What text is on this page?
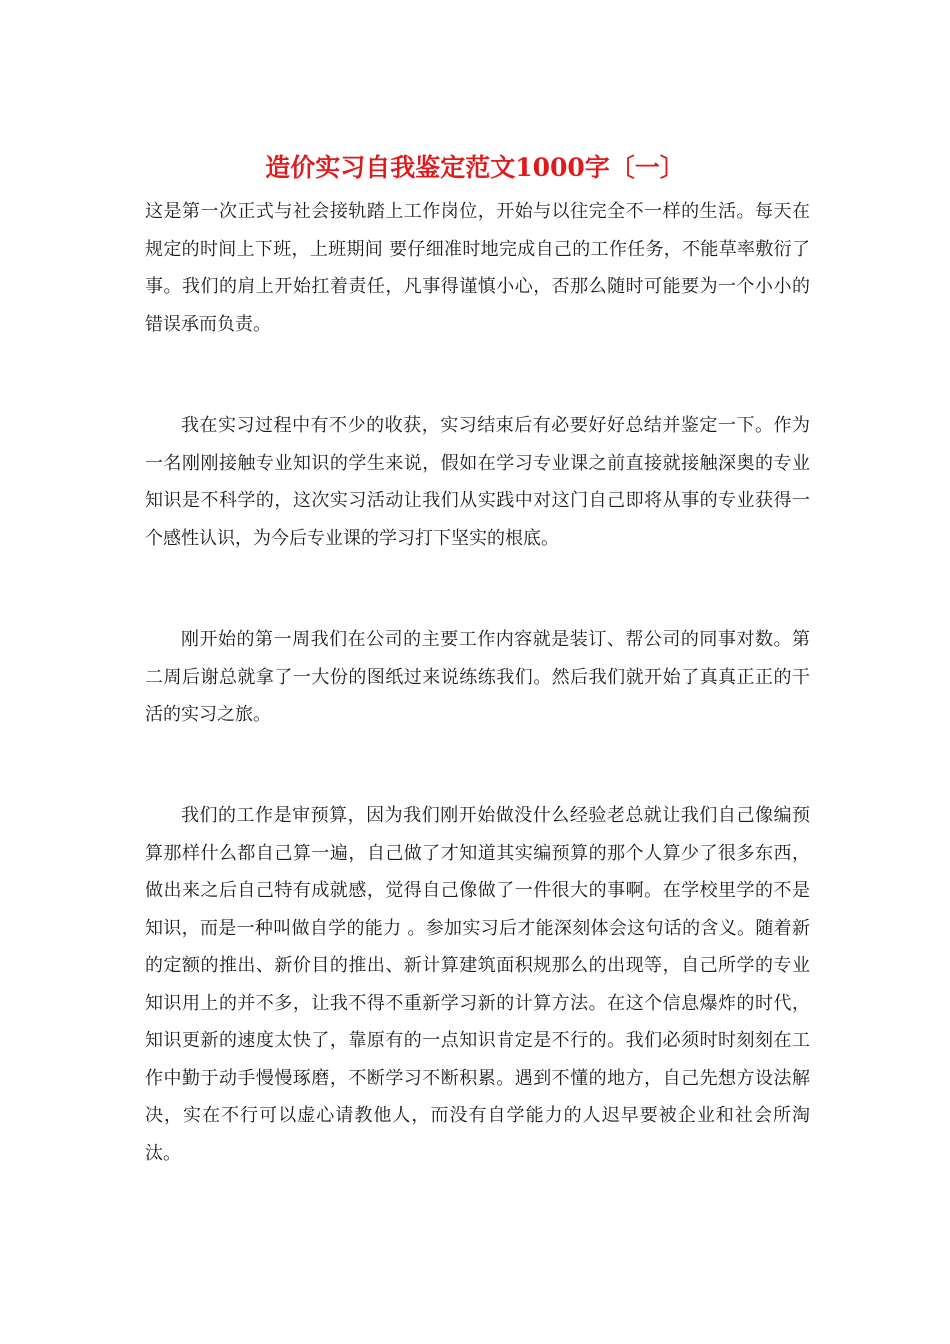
造价实习自我鉴定范文1000字〔一〕

这是第一次正式与社会接轨踏上工作岗位，开始与以往完全不一样的生活。每天在规定的时间上下班，上班期间 要仔细准时地完成自己的工作任务，不能草率敷衍了事。我们的肩上开始扛着责任，凡事得谨慎小心，否那么随时可能要为一个小小的错误承而负责。

我在实习过程中有不少的收获，实习结束后有必要好好总结并鉴定一下。作为一名刚刚接触专业知识的学生来说，假如在学习专业课之前直接就接触深奥的专业知识是不科学的，这次实习活动让我们从实践中对这门自己即将从事的专业获得一个感性认识，为今后专业课的学习打下坚实的根底。

刚开始的第一周我们在公司的主要工作内容就是装订、帮公司的同事对数。第二周后谢总就拿了一大份的图纸过来说练练我们。然后我们就开始了真真正正的干活的实习之旅。

我们的工作是审预算，因为我们刚开始做没什么经验老总就让我们自己像编预算那样什么都自己算一遍，自己做了才知道其实编预算的那个人算少了很多东西，做出来之后自己特有成就感，觉得自己像做了一件很大的事啊。在学校里学的不是知识，而是一种叫做自学的能力 。参加实习后才能深刻体会这句话的含义。随着新的定额的推出、新价目的推出、新计算建筑面积规那么的出现等，自己所学的专业知识用上的并不多，让我不得不重新学习新的计算方法。在这个信息爆炸的时代，知识更新的速度太快了，靠原有的一点知识肯定是不行的。我们必须时时刻刻在工作中勤于动手慢慢琢磨，不断学习不断积累。遇到不懂的地方，自己先想方设法解决，实在不行可以虚心请教他人，而没有自学能力的人迟早要被企业和社会所淘汰。
